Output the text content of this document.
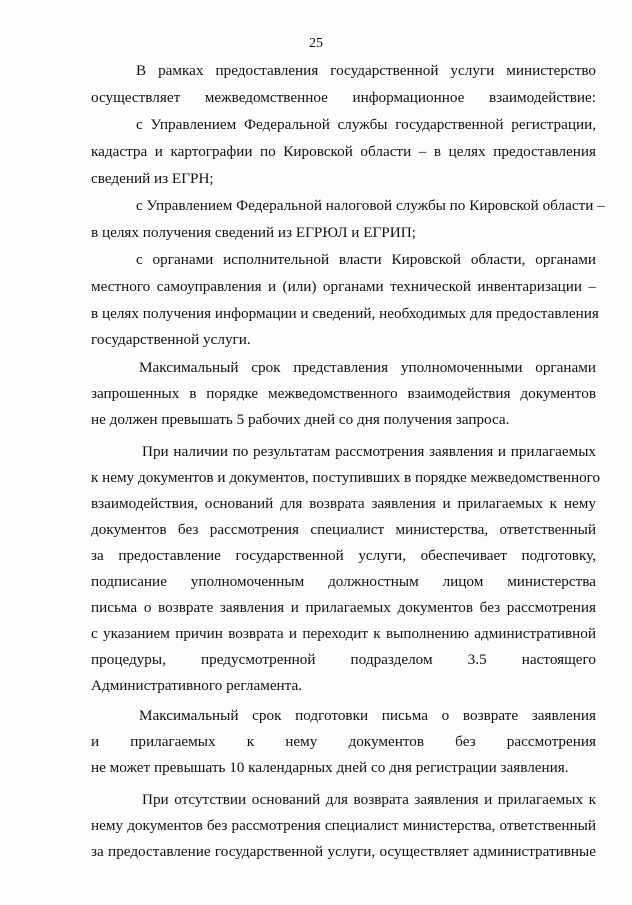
25
В рамках предоставления государственной услуги министерство
осуществляет межведомственное информационное взаимодействие:
с Управлением Федеральной службы государственной регистрации,
кадастра и картографии по Кировской области – в целях предоставления
сведений из ЕГРН;
с Управлением Федеральной налоговой службы по Кировской области –
в целях получения сведений из ЕГРЮЛ и ЕГРИП;
с органами исполнительной власти Кировской области, органами
местного самоуправления и (или) органами технической инвентаризации –
в целях получения информации и сведений, необходимых для предоставления
государственной услуги.
Максимальный срок представления уполномоченными органами
запрошенных в порядке межведомственного взаимодействия документов
не должен превышать 5 рабочих дней со дня получения запроса.
При наличии по результатам рассмотрения заявления и прилагаемых
к нему документов и документов, поступивших в порядке межведомственного
взаимодействия, оснований для возврата заявления и прилагаемых к нему
документов без рассмотрения специалист министерства, ответственный
за предоставление государственной услуги, обеспечивает подготовку,
подписание уполномоченным должностным лицом министерства
письма о возврате заявления и прилагаемых документов без рассмотрения
с указанием причин возврата и переходит к выполнению административной
процедуры, предусмотренной подразделом 3.5 настоящего
Административного регламента.
Максимальный срок подготовки письма о возврате заявления
и прилагаемых к нему документов без рассмотрения
не может превышать 10 календарных дней со дня регистрации заявления.
При отсутствии оснований для возврата заявления и прилагаемых к
нему документов без рассмотрения специалист министерства, ответственный
за предоставление государственной услуги, осуществляет административные
